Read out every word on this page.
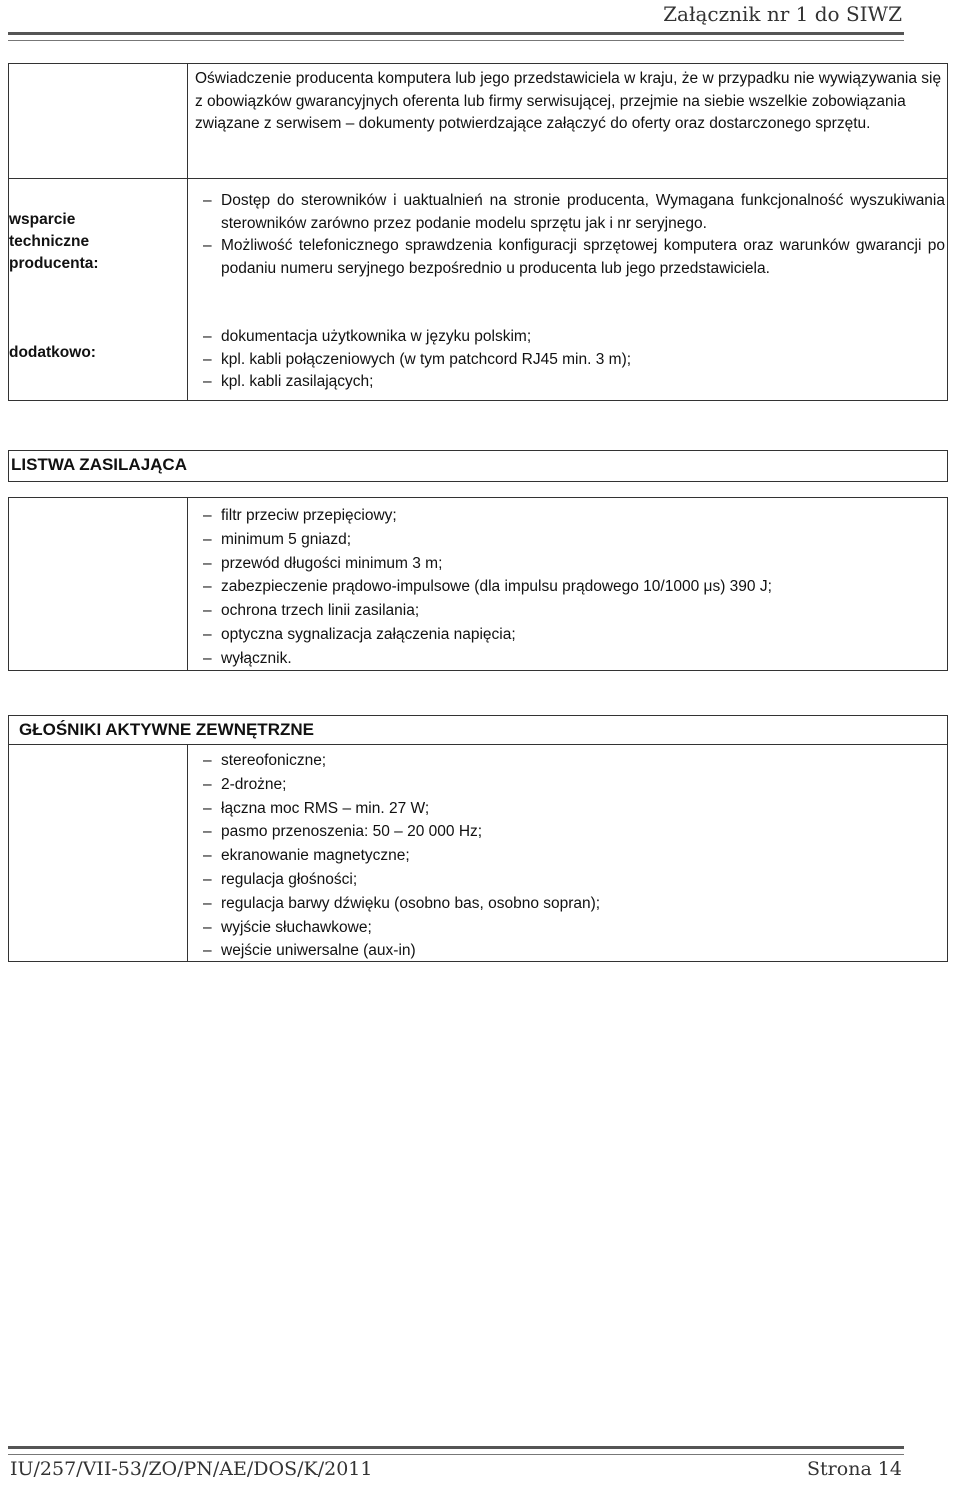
Załącznik nr 1 do SIWZ

Oświadczenie producenta komputera lub jego przedstawiciela w kraju, że w przypadku nie wywiązywania się z obowiązków gwarancyjnych oferenta lub firmy serwisującej, przejmie na siebie wszelkie zobowiązania związane z serwisem – dokumenty potwierdzające załączyć do oferty oraz dostarczonego sprzętu.

wsparcie
techniczne
producenta:
dodatkowo:
– Dostęp do sterowników i uaktualnień na stronie producenta, Wymagana funkcjonalność wyszukiwania sterowników zarówno przez podanie modelu sprzętu jak i nr seryjnego.
– Możliwość telefonicznego sprawdzenia konfiguracji sprzętowej komputera oraz warunków gwarancji po podaniu numeru seryjnego bezpośrednio u producenta lub jego przedstawiciela.
– dokumentacja użytkownika w języku polskim;
– kpl. kabli połączeniowych (w tym patchcord RJ45 min. 3 m);
– kpl. kabli zasilających;
LISTWA ZASILAJĄCA
– filtr przeciw przepięciowy;
– minimum 5 gniazd;
– przewód długości minimum 3 m;
– zabezpieczenie prądowo-impulsowe (dla impulsu prądowego 10/1000 μs) 390 J;
– ochrona trzech linii zasilania;
– optyczna sygnalizacja załączenia napięcia;
– wyłącznik.
GŁOŚNIKI AKTYWNE ZEWNĘTRZNE
– stereofoniczne;
– 2-drożne;
– łączna moc RMS – min. 27 W;
– pasmo przenoszenia: 50 – 20 000 Hz;
– ekranowanie magnetyczne;
– regulacja głośności;
– regulacja barwy dźwięku (osobno bas, osobno sopran);
– wyjście słuchawkowe;
– wejście uniwersalne (aux-in)
IU/257/VII-53/ZO/PN/AE/DOS/K/2011	Strona 14
